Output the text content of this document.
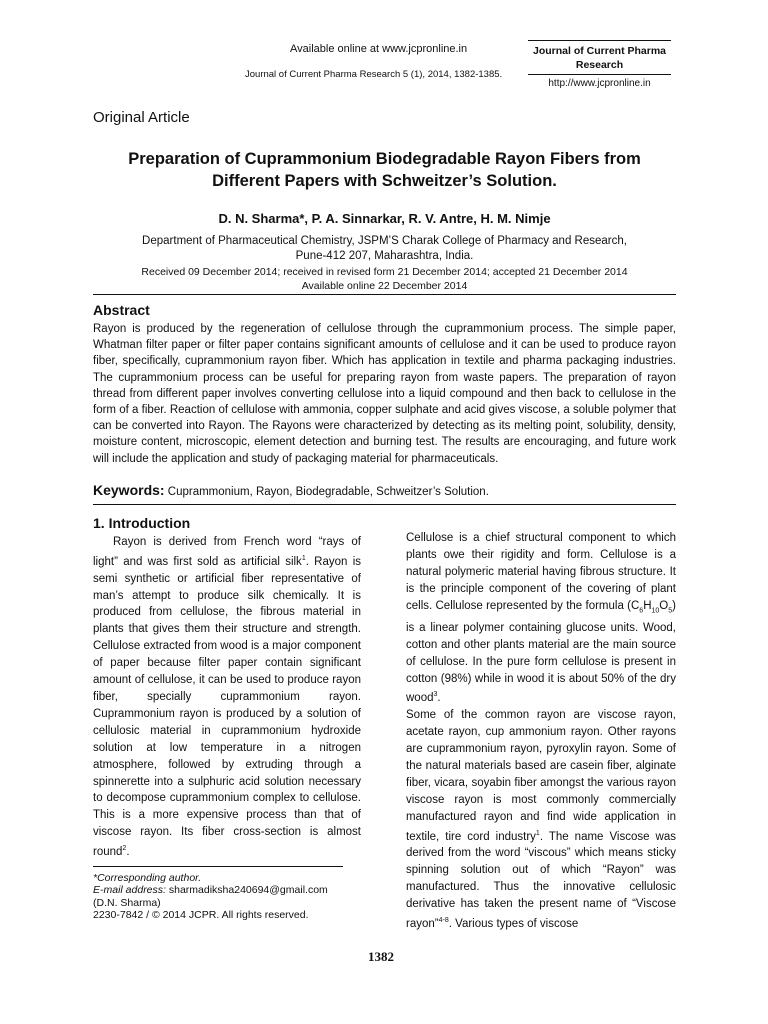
Available online at www.jcpronline.in
Journal of Current Pharma Research 5 (1), 2014, 1382-1385.
Journal of Current Pharma
Research
http://www.jcpronline.in
Original Article
Preparation of Cuprammonium Biodegradable Rayon Fibers from
Different Papers with Schweitzer’s Solution.
D. N. Sharma*, P. A. Sinnarkar, R. V. Antre, H. M. Nimje
Department of Pharmaceutical Chemistry, JSPM’S Charak College of Pharmacy and Research,
Pune-412 207, Maharashtra, India.
Received 09 December 2014; received in revised form 21 December 2014; accepted 21 December 2014
Available online 22 December 2014
Abstract
Rayon is produced by the regeneration of cellulose through the cuprammonium process. The simple paper, Whatman filter paper or filter paper contains significant amounts of cellulose and it can be used to produce rayon fiber, specifically, cuprammonium rayon fiber. Which has application in textile and pharma packaging industries. The cuprammonium process can be useful for preparing rayon from waste papers. The preparation of rayon thread from different paper involves converting cellulose into a liquid compound and then back to cellulose in the form of a fiber. Reaction of cellulose with ammonia, copper sulphate and acid gives viscose, a soluble polymer that can be converted into Rayon. The Rayons were characterized by detecting as its melting point, solubility, density, moisture content, microscopic, element detection and burning test. The results are encouraging, and future work will include the application and study of packaging material for pharmaceuticals.
Keywords: Cuprammonium, Rayon, Biodegradable, Schweitzer’s Solution.
1. Introduction
Rayon is derived from French word “rays of light” and was first sold as artificial silk$^1$. Rayon is semi synthetic or artificial fiber representative of man’s attempt to produce silk chemically. It is produced from cellulose, the fibrous material in plants that gives them their structure and strength. Cellulose extracted from wood is a major component of paper because filter paper contain significant amount of cellulose, it can be used to produce rayon fiber, specially cuprammonium rayon. Cuprammonium rayon is produced by a solution of cellulosic material in cuprammonium hydroxide solution at low temperature in a nitrogen atmosphere, followed by extruding through a spinnerette into a sulphuric acid solution necessary to decompose cuprammonium complex to cellulose. This is a more expensive process than that of viscose rayon. Its fiber cross-section is almost round$^2$.

Cellulose is a chief structural component to which plants owe their rigidity and form. Cellulose is a natural polymeric material having fibrous structure. It is the principle component of the covering of plant cells. Cellulose represented by the formula $(C_6H_{10}O_5)$ is a linear polymer containing glucose units. Wood, cotton and other plants material are the main source of cellulose. In the pure form cellulose is present in cotton (98%) while in wood it is about 50% of the dry wood$^3$.

Some of the common rayon are viscose rayon, acetate rayon, cup ammonium rayon. Other rayons are cuprammonium rayon, pyroxylin rayon. Some of the natural materials based are casein fiber, alginate fiber, vicara, soyabin fiber amongst the various rayon viscose rayon is most commonly commercially manufactured rayon and find wide application in textile, tire cord industry$^1$. The name Viscose was derived from the word “viscous” which means sticky spinning solution out of which “Rayon” was manufactured. Thus the innovative cellulosic derivative has taken the present name of “Viscose rayon”$^{4-8}$. Various types of viscose

*Corresponding author.
E-mail address: sharmadiksha240694@gmail.com
(D.N. Sharma)
2230-7842 / © 2014 JCPR. All rights reserved.
1382
